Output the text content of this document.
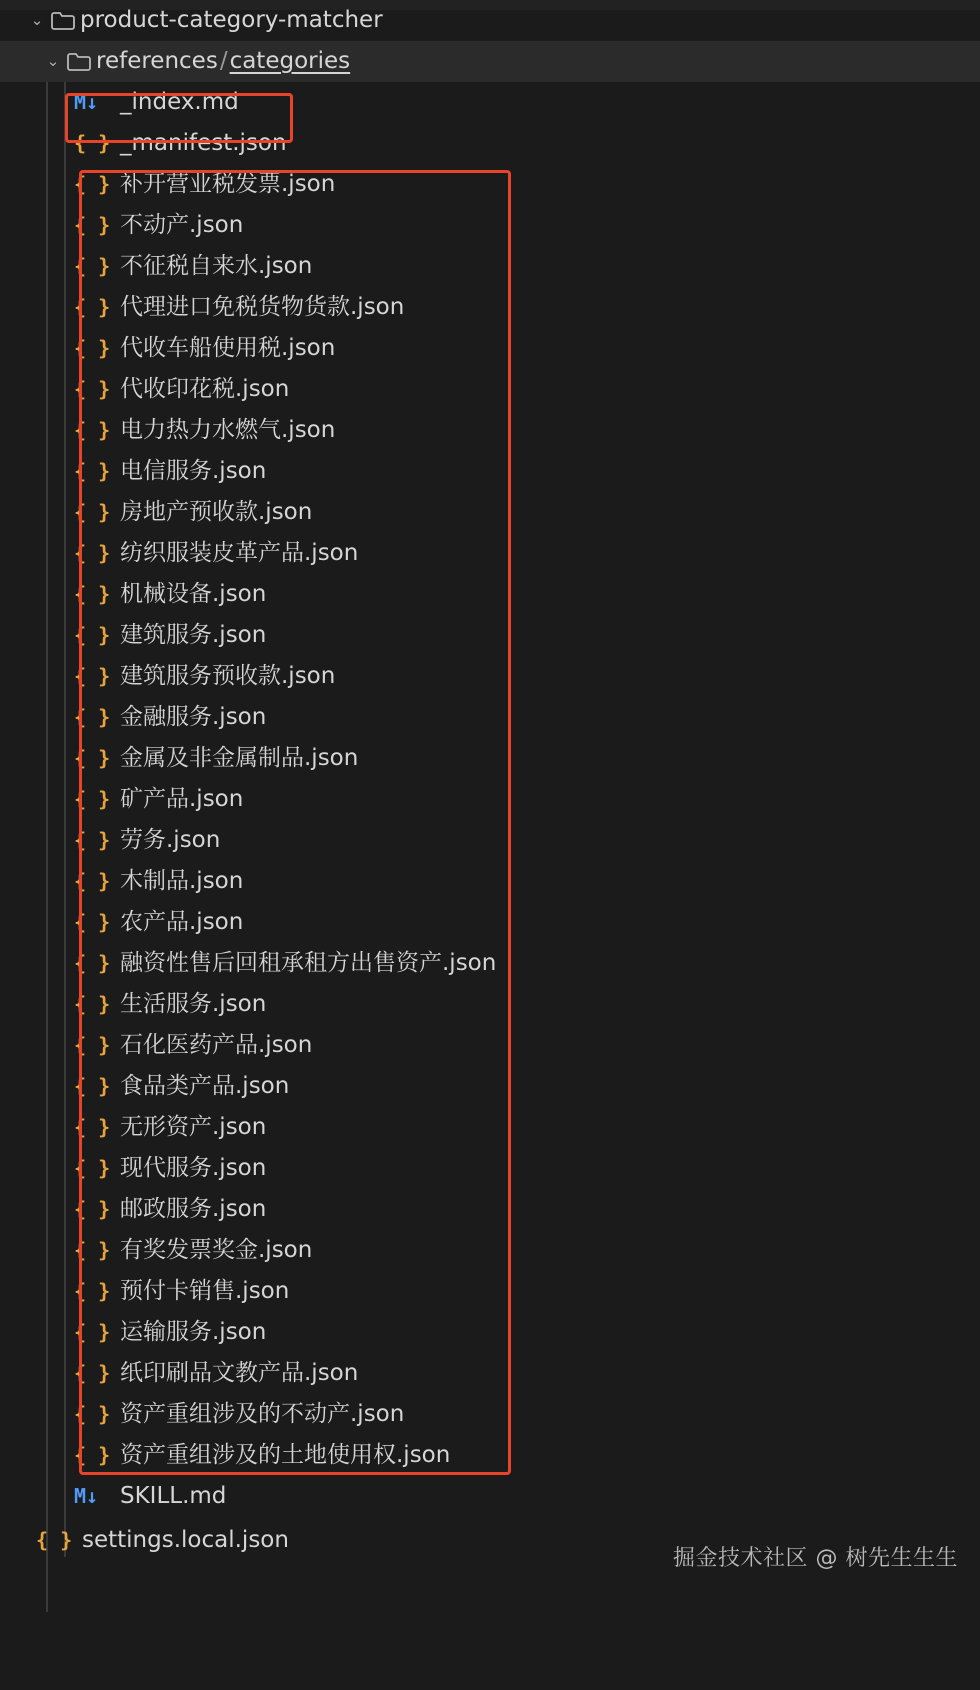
⌄ product-category-matcher
⌄ references / categories
M↓ _index.md
{ } _manifest.json
{ } 补开营业税发票.json
{ } 不动产.json
{ } 不征税自来水.json
{ } 代理进口免税货物货款.json
{ } 代收车船使用税.json
{ } 代收印花税.json
{ } 电力热力水燃气.json
{ } 电信服务.json
{ } 房地产预收款.json
{ } 纺织服装皮革产品.json
{ } 机械设备.json
{ } 建筑服务.json
{ } 建筑服务预收款.json
{ } 金融服务.json
{ } 金属及非金属制品.json
{ } 矿产品.json
{ } 劳务.json
{ } 木制品.json
{ } 农产品.json
{ } 融资性售后回租承租方出售资产.json
{ } 生活服务.json
{ } 石化医药产品.json
{ } 食品类产品.json
{ } 无形资产.json
{ } 现代服务.json
{ } 邮政服务.json
{ } 有奖发票奖金.json
{ } 预付卡销售.json
{ } 运输服务.json
{ } 纸印刷品文教产品.json
{ } 资产重组涉及的不动产.json
{ } 资产重组涉及的土地使用权.json
M↓ SKILL.md
{ } settings.local.json

掘金技术社区 @ 树先生生生
